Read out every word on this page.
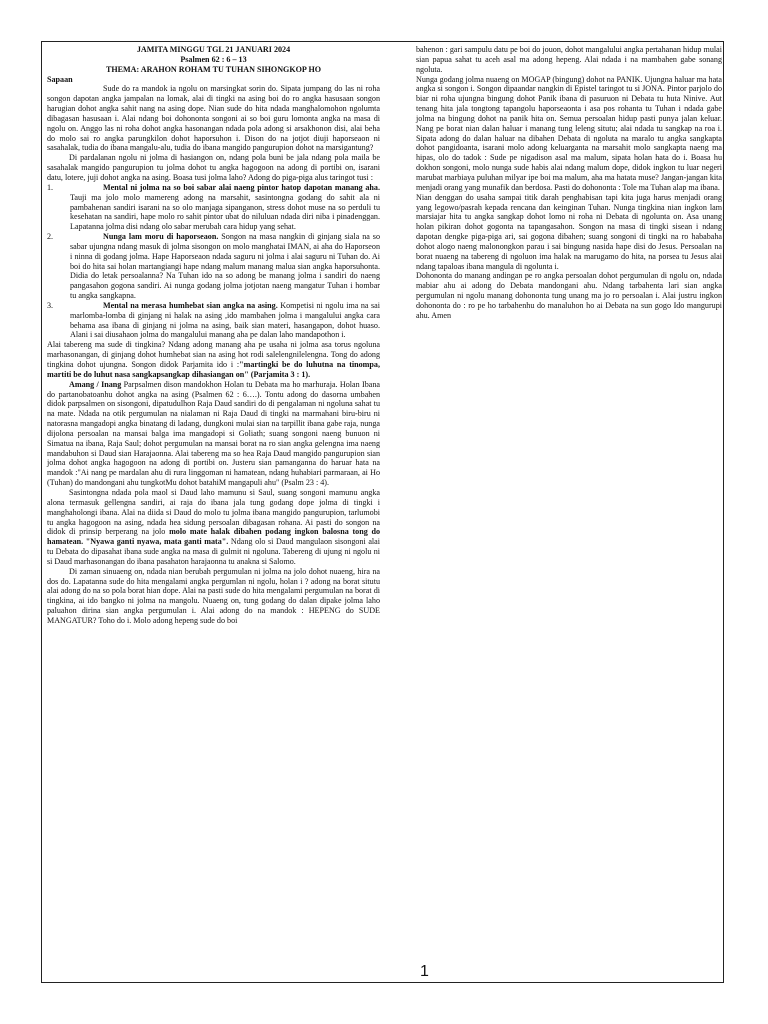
JAMITA MINGGU TGL 21 JANUARI 2024

Psalmen 62 : 6 – 13

THEMA: ARAHON ROHAM TU TUHAN SIHONGKOP HO

Sapaan

Sude do ra mandok ia ngolu on marsingkat sorin do. Sipata jumpang do las ni roha songon dapotan angka jampalan na lomak, alai di tingki na asing boi do ro angka hasusaan songon harugian dohot angka sahit nang na asing dope. Nian sude do hita ndada manghalomohon ngolumta dibagasan hasusaan i. Alai ndang boi dohononta songoni ai so boi guru lomonta angka na masa di ngolu on. Anggo las ni roha dohot angka hasonangan ndada pola adong si arsakhonon disi, alai beha do molo sai ro angka parungkilon dohot haporsuhon i. Dison do na jotjot diuji haporseaon ni sasahalak, tudia do ibana mangalu-alu, tudia do ibana mangido pangurupion dohot na marsigantung?

Di pardalanan ngolu ni jolma di hasiangon on, ndang pola buni be jala ndang pola maila be sasahalak mangido pangurupion tu jolma dohot tu angka hagogoon na adong di portibi on, isarani datu, lotere, juji dohot angka na asing. Boasa tusi jolma laho? Adong do piga-piga alus taringot tusi :

1.	Mental ni jolma na so boi sabar alai naeng pintor hatop dapotan manang aha. Tauji ma jolo molo mamereng adong na marsahit, sasintongna godang do sahit ala ni pambahenan sandiri isarani na so olo manjaga sipanganon, stress dohot muse na so perduli tu kesehatan na sandiri, hape molo ro sahit pintor ubat do niluluan ndada diri niba i pinadenggan. Lapatanna jolma disi ndang olo sabar merubah cara hidup yang sehat.

2.	Nunga lam moru di haporseaon. Songon na masa nangkin di ginjang siala na so sabar ujungna ndang masuk di jolma sisongon on molo manghatai IMAN, ai aha do Haporseon i ninna di godang jolma. Hape Haporseaon ndada saguru ni jolma i alai saguru ni Tuhan do. Ai boi do hita sai holan martangiangi hape ndang malum manang malua sian angka haporsuhonta. Didia do letak persoalanna? Na Tuhan ido na so adong be manang jolma i sandiri do naeng pangasahon gogona sandiri. Ai nunga godang jolma jotjotan naeng mangatur Tuhan i hombar tu angka sangkapna.

3.	Mental na merasa humhebat sian angka na asing. Kompetisi ni ngolu ima na sai marlomba-lomba di ginjang ni halak na asing ,ido mambahen jolma i mangalului angka cara behama asa ibana di ginjang ni jolma na asing, baik sian materi, hasangapon, dohot huaso. Alani i sai diusahaon jolma do mangalului manang aha pe dalan laho mandapothon i.

Alai tabereng ma sude di tingkina? Ndang adong manang aha pe usaha ni jolma asa torus ngoluna marhasonangan, di ginjang dohot humhebat sian na asing hot rodi salelengnilelengna. Tong do adong tingkina dohot ujungna. Songon didok Parjamita ido i :"martingki be do luhutna na tinompa, martiti be do luhut nasa sangkapsangkap dihasiangan on" (Parjamita 3 : 1).

Amang / Inang Parpsalmen dison mandokhon Holan tu Debata ma ho marhuraja. Holan Ibana do partanobatoanhu dohot angka na asing (Psalmen 62 : 6….). Tontu adong do dasorna umbahen didok parpsalmen on sisongoni, dipatudulhon Raja Daud sandiri do di pengalaman ni ngoluna sahat tu na mate. Ndada na otik pergumulan na nialaman ni Raja Daud di tingki na marmahani biru-biru ni natorasna mangadopi angka binatang di ladang, dungkoni mulai sian na tarpillit ibana gabe raja, nunga dijolona persoalan na mansai balga ima mangadopi si Goliath; suang songoni naeng bunuon ni Simatua na ibana, Raja Saul; dohot pergumulan na mansai borat na ro sian angka gelengna ima naeng mandabuhon si Daud sian Harajaonna. Alai tabereng ma so hea Raja Daud mangido pangurupion sian jolma dohot angka hagogoon na adong di portibi on. Justeru sian pamanganna do haruar hata na mandok :"Ai nang pe mardalan ahu di rura linggoman ni hamatean, ndang huhabiari parmaraan, ai Ho (Tuhan) do mandongani ahu tungkotMu dohot batahiM mangapuli ahu" (Psalm 23 : 4).

Sasintongna ndada pola maol si Daud laho mamunu si Saul, suang songoni mamunu angka alona termasuk gellengna sandiri, ai raja do ibana jala tung godang dope jolma di tingki i manghaholongi ibana. Alai na diida si Daud do molo tu jolma ibana mangido pangurupion, tarlumobi tu angka hagogoon na asing, ndada hea sidung persoalan dibagasan rohana. Ai pasti do songon na didok di prinsip berperang na jolo molo mate halak dibahen podang ingkon balosna tong do hamatean. "Nyawa ganti nyawa, mata ganti mata". Ndang olo si Daud mangulaon sisongoni alai tu Debata do dipasahat ibana sude angka na masa di gulmit ni ngoluna. Tabereng di ujung ni ngolu ni si Daud marhasonangan do ibana pasahaton harajaonna tu anakna si Salomo.

Di zaman sinuaeng on, ndada nian berubah pergumulan ni jolma na jolo dohot nuaeng, hira na dos do. Lapatanna sude do hita mengalami angka pergumlan ni ngolu, holan i ? adong na borat situtu alai adong do na so pola borat hian dope. Alai na pasti sude do hita mengalami pergumulan na borat di tingkina, ai ido bangko ni jolma na mangolu. Nuaeng on, tung godang do dalan dipake jolma laho paluahon dirina sian angka pergumulan i. Alai adong do na mandok : HEPENG do SUDE MANGATUR? Toho do i. Molo adong hepeng sude do boi

bahenon : gari sampulu datu pe boi do jouon, dohot mangalului angka pertahanan hidup mulai sian papua sahat tu aceh asal ma adong hepeng. Alai ndada i na mambahen gabe sonang ngoluta.

Nunga godang jolma nuaeng on MOGAP (bingung) dohot na PANIK. Ujungna haluar ma hata angka si songon i. Songon dipaandar nangkin di Epistel taringot tu si JONA. Pintor parjolo do biar ni roha ujungna bingung dohot Panik ibana di pasuruon ni Debata tu huta Ninive. Aut tenang hita jala tongtong tapangolu haporseaonta i asa pos rohanta tu Tuhan i ndada gabe jolma na bingung dohot na panik hita on. Semua persoalan hidup pasti punya jalan keluar. Nang pe borat nian dalan haluar i manang tung leleng situtu; alai ndada tu sangkap na roa i. Sipata adong do dalan haluar na dibahen Debata di ngoluta na maralo tu angka sangkapta dohot pangidoanta, isarani molo adong keluarganta na marsahit molo sangkapta naeng ma hipas, olo do tadok : Sude pe nigadison asal ma malum, sipata holan hata do i. Boasa hu dokhon songoni, molo nunga sude habis alai ndang malum dope, didok ingkon tu luar negeri marubat marbiaya puluhan milyar ipe boi ma malum, aha ma hatata muse? Jangan-jangan kita menjadi orang yang munafik dan berdosa. Pasti do dohononta : Tole ma Tuhan alap ma ibana.

Nian denggan do usaha sampai titik darah penghabisan tapi kita juga harus menjadi orang yang legowo/pasrah kepada rencana dan keinginan Tuhan. Nunga tingkina nian ingkon lam marsiajar hita tu angka sangkap dohot lomo ni roha ni Debata di ngolunta on. Asa unang holan pikiran dohot gogonta na tapangasahon. Songon na masa di tingki sisean i ndang dapotan dengke piga-piga ari, sai gogona dibahen; suang songoni di tingki na ro hababaha dohot alogo naeng malonongkon parau i sai bingung nasida hape disi do Jesus. Persoalan na borat nuaeng na tabereng di ngoluon ima halak na marugamo do hita, na porsea tu Jesus alai ndang tapaloas ibana mangula di ngolunta i.

Dohononta do manang andingan pe ro angka persoalan dohot pergumulan di ngolu on, ndada mabiar ahu ai adong do Debata mandongani ahu. Ndang tarbahenta lari sian angka pergumulan ni ngolu manang dohononta tung unang ma jo ro persoalan i. Alai justru ingkon dohononta do : ro pe ho tarbahenhu do manaluhon ho ai Debata na sun gogo Ido mangurupi ahu. Amen

1
